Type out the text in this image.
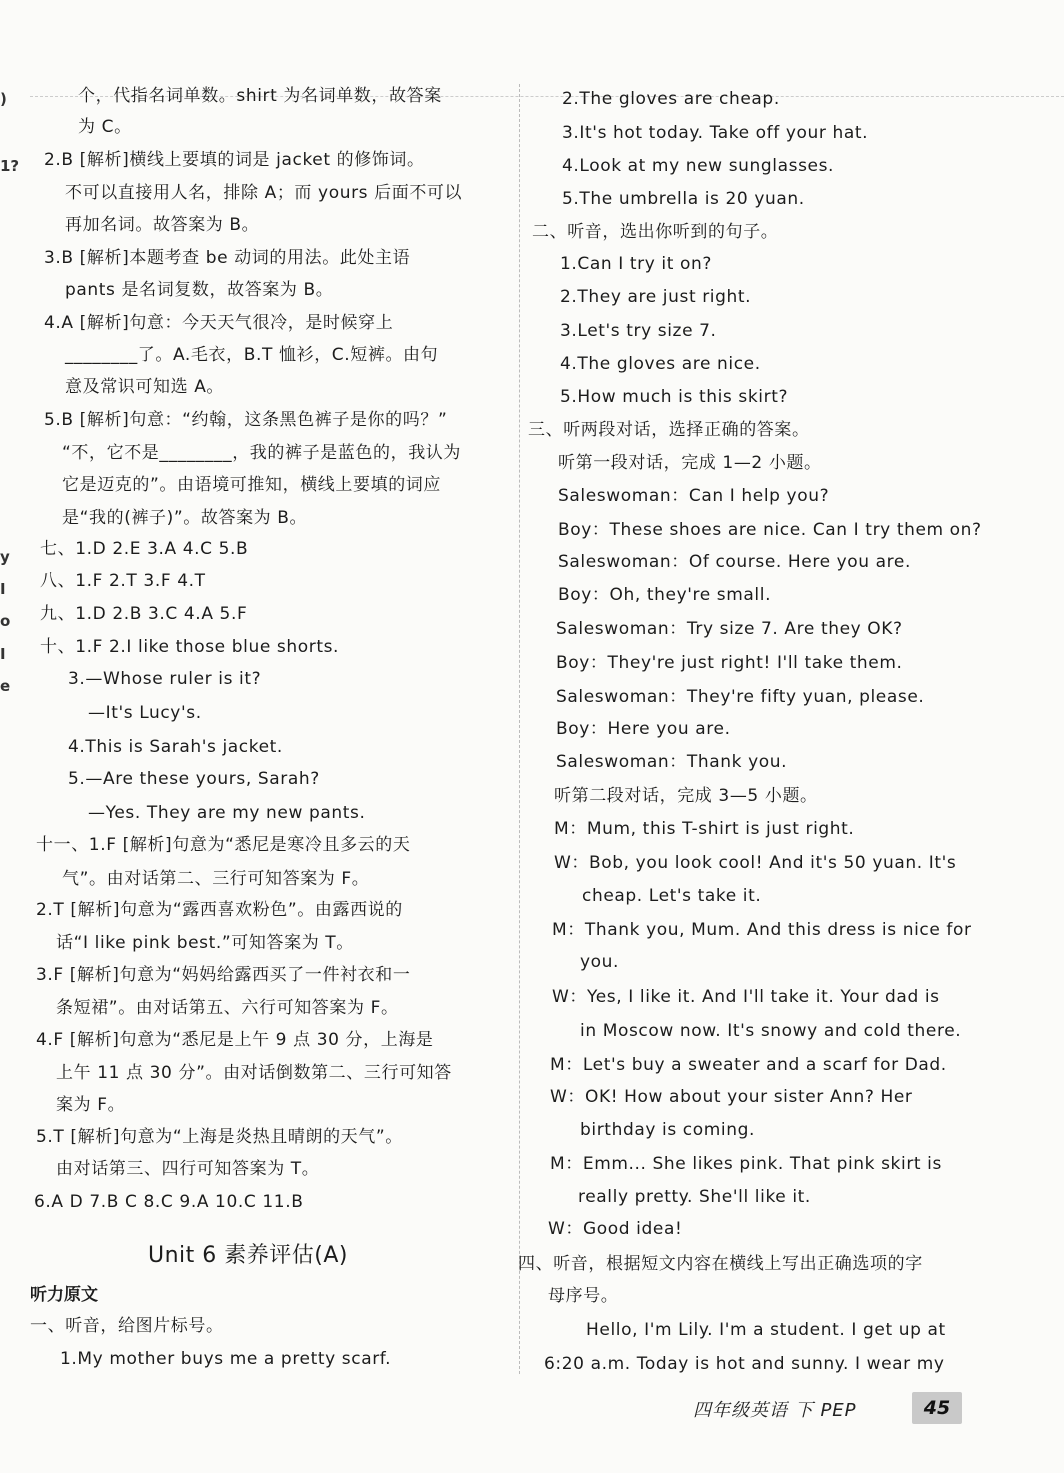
)
1?
y
I
o
I
e
个，代指名词单数。shirt 为名词单数，故答案
为 C。
2.B [解析]横线上要填的词是 jacket 的修饰词。
不可以直接用人名，排除 A；而 yours 后面不可以
再加名词。故答案为 B。
3.B [解析]本题考查 be 动词的用法。此处主语
pants 是名词复数，故答案为 B。
4.A [解析]句意：今天天气很冷，是时候穿上
________了。A.毛衣，B.T 恤衫，C.短裤。由句
意及常识可知选 A。
5.B [解析]句意：“约翰，这条黑色裤子是你的吗？”
“不，它不是________，我的裤子是蓝色的，我认为
它是迈克的”。由语境可推知，横线上要填的词应
是“我的(裤子)”。故答案为 B。
七、1.D 2.E 3.A 4.C 5.B
八、1.F 2.T 3.F 4.T
九、1.D 2.B 3.C 4.A 5.F
十、1.F 2.I like those blue shorts.
3.—Whose ruler is it?
—It's Lucy's.
4.This is Sarah's jacket.
5.—Are these yours, Sarah?
—Yes. They are my new pants.
十一、1.F [解析]句意为“悉尼是寒冷且多云的天
气”。由对话第二、三行可知答案为 F。
2.T [解析]句意为“露西喜欢粉色”。由露西说的
话“I like pink best.”可知答案为 T。
3.F [解析]句意为“妈妈给露西买了一件衬衣和一
条短裙”。由对话第五、六行可知答案为 F。
4.F [解析]句意为“悉尼是上午 9 点 30 分，上海是
上午 11 点 30 分”。由对话倒数第二、三行可知答
案为 F。
5.T [解析]句意为“上海是炎热且晴朗的天气”。
由对话第三、四行可知答案为 T。
6.A D 7.B C 8.C 9.A 10.C 11.B
Unit 6 素养评估(A)
听力原文
一、听音，给图片标号。
1.My mother buys me a pretty scarf.
2.The gloves are cheap.
3.It's hot today. Take off your hat.
4.Look at my new sunglasses.
5.The umbrella is 20 yuan.
二、听音，选出你听到的句子。
1.Can I try it on?
2.They are just right.
3.Let's try size 7.
4.The gloves are nice.
5.How much is this skirt?
三、听两段对话，选择正确的答案。
听第一段对话，完成 1—2 小题。
Saleswoman：Can I help you?
Boy：These shoes are nice. Can I try them on?
Saleswoman：Of course. Here you are.
Boy：Oh, they're small.
Saleswoman：Try size 7. Are they OK?
Boy：They're just right! I'll take them.
Saleswoman：They're fifty yuan, please.
Boy：Here you are.
Saleswoman：Thank you.
听第二段对话，完成 3—5 小题。
M：Mum, this T-shirt is just right.
W：Bob, you look cool! And it's 50 yuan. It's
cheap. Let's take it.
M：Thank you, Mum. And this dress is nice for
you.
W：Yes, I like it. And I'll take it. Your dad is
in Moscow now. It's snowy and cold there.
M：Let's buy a sweater and a scarf for Dad.
W：OK! How about your sister Ann? Her
birthday is coming.
M：Emm... She likes pink. That pink skirt is
really pretty. She'll like it.
W：Good idea!
四、听音，根据短文内容在横线上写出正确选项的字
母序号。
Hello, I'm Lily. I'm a student. I get up at
6:20 a.m. Today is hot and sunny. I wear my
四年级英语 下 PEP	45
